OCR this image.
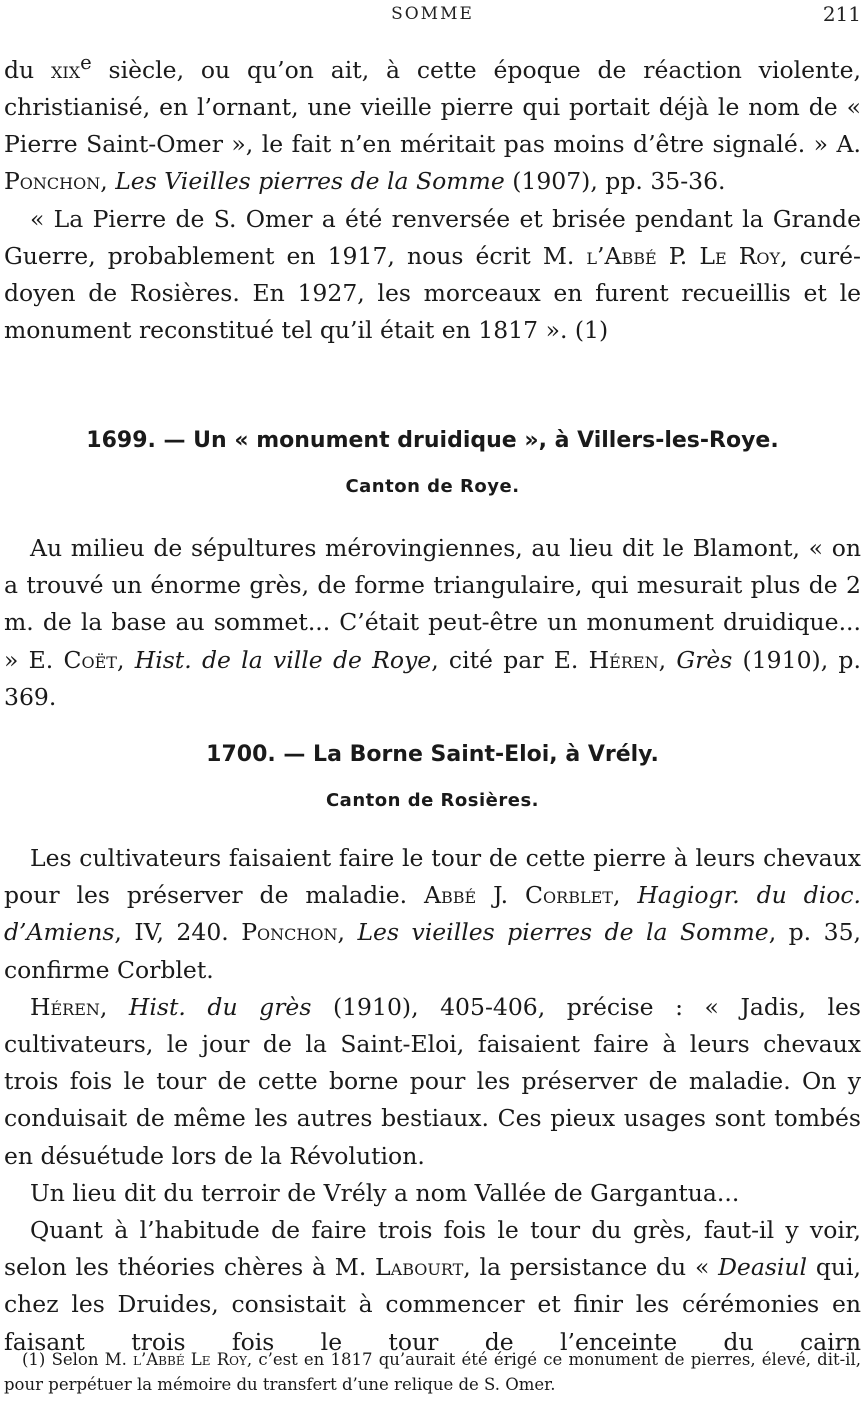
SOMME	211

du xix$^e$ siècle, ou qu’on ait, à cette époque de réaction violente, christianisé, en l’ornant, une vieille pierre qui portait déjà le nom de « Pierre Saint-Omer », le fait n’en méritait pas moins d’être signalé. » A. Ponchon, Les Vieilles pierres de la Somme (1907), pp. 35-36.

« La Pierre de S. Omer a été renversée et brisée pendant la Grande Guerre, probablement en 1917, nous écrit M. l’Abbé P. Le Roy, curé-doyen de Rosières. En 1927, les morceaux en furent recueillis et le monument reconstitué tel qu’il était en 1817 ». (1)

1699. — Un « monument druidique », à Villers-les-Roye.
Canton de Roye.

Au milieu de sépultures mérovingiennes, au lieu dit le Blamont, « on a trouvé un énorme grès, de forme triangulaire, qui mesurait plus de 2 m. de la base au sommet... C’était peut-être un monument druidique... » E. Coët, Hist. de la ville de Roye, cité par E. Héren, Grès (1910), p. 369.

1700. — La Borne Saint-Eloi, à Vrély.
Canton de Rosières.

Les cultivateurs faisaient faire le tour de cette pierre à leurs chevaux pour les préserver de maladie. Abbé J. Corblet, Hagiogr. du dioc. d’Amiens, IV, 240. Ponchon, Les vieilles pierres de la Somme, p. 35, confirme Corblet.

Héren, Hist. du grès (1910), 405-406, précise : « Jadis, les cultivateurs, le jour de la Saint-Eloi, faisaient faire à leurs chevaux trois fois le tour de cette borne pour les préserver de maladie. On y conduisait de même les autres bestiaux. Ces pieux usages sont tombés en désuétude lors de la Révolution.

Un lieu dit du terroir de Vrély a nom Vallée de Gargantua...

Quant à l’habitude de faire trois fois le tour du grès, faut-il y voir, selon les théories chères à M. Labourt, la persistance du « Deasiul qui, chez les Druides, consistait à commencer et finir les cérémonies en faisant trois fois le tour de l’enceinte du cairn

(1) Selon M. l’Abbé Le Roy, c’est en 1817 qu’aurait été érigé ce monument de pierres, élevé, dit-il, pour perpétuer la mémoire du transfert d’une relique de S. Omer.
